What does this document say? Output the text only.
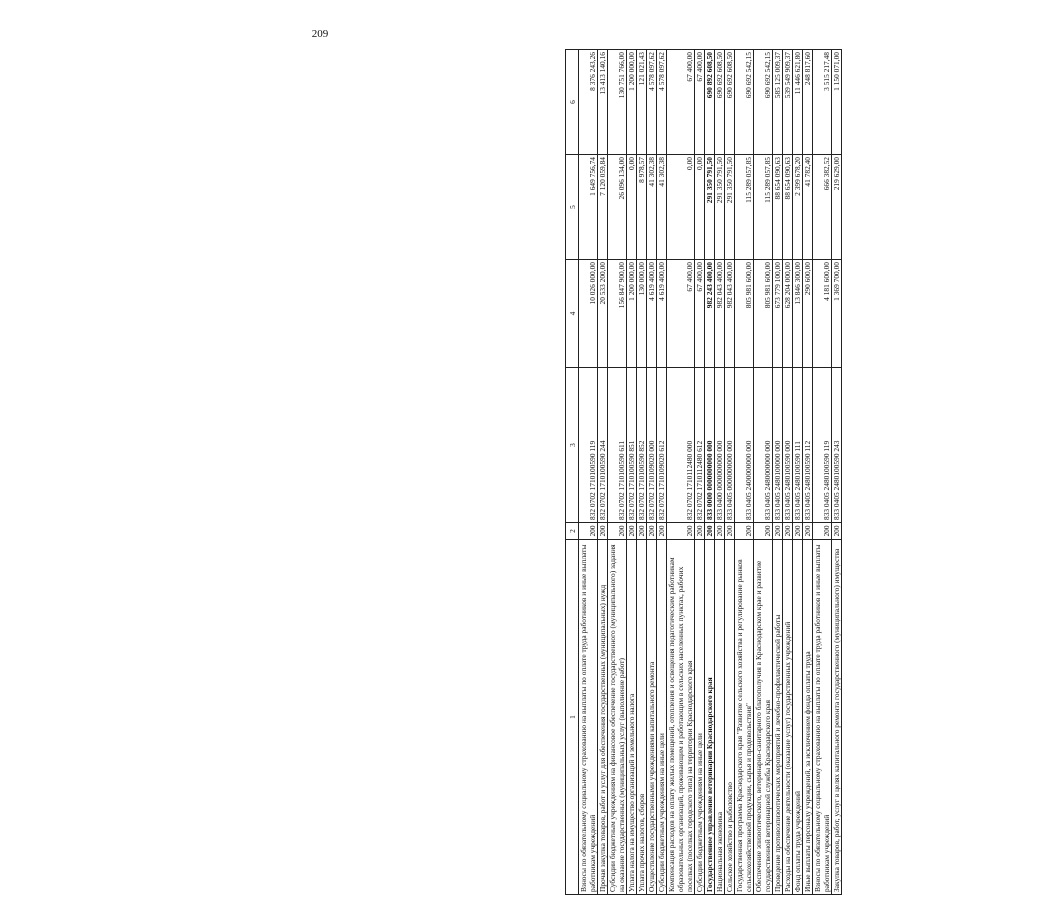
209
1	2	3	4	5	6
Взносы по обязательному социальному страхованию на выплаты по оплате труда работников и иные выплаты работникам учреждений	200	832 0702 1710100590 119	10 026 000,00	1 649 756,74	8 376 243,26
Прочая закупка товаров, работ и услуг для обеспечения государственных (муниципальных) нужд	200	832 0702 1710100590 244	20 533 200,00	7 120 059,84	13 413 140,16
Субсидии бюджетным учреждениям на финансовое обеспечение государственного (муниципального) задания на оказание государственных (муниципальных) услуг (выполнение работ)	200	832 0702 1710100590 611	156 847 900,00	26 096 134,00	130 751 766,00
Уплата налога на имущество организаций и земельного налога	200	832 0702 1710100590 851	1 200 000,00	0,00	1 200 000,00
Уплата прочих налогов, сборов	200	832 0702 1710100590 852	130 000,00	8 978,57	121 021,43
Осуществление государственными учреждениями капитального ремонта	200	832 0702 1710109020 000	4 619 400,00	41 302,38	4 578 097,62
Субсидии бюджетным учреждениям на иные цели	200	832 0702 1710109020 612	4 619 400,00	41 302,38	4 578 097,62
Компенсация расходов на оплату жилых помещений, отопления и освещения педагогическим работникам образовательных организаций, проживающим и работающим в сельских населенных пунктах, рабочих поселках (поселках городского типа) на территории Краснодарского края	200	832 0702 1710112480 000	67 400,00	0,00	67 400,00
Субсидии бюджетным учреждениям на иные цели	200	832 0702 1710112480 612	67 400,00	0,00	67 400,00
Государственное управление ветеринарии Краснодарского края	200	833 0000 0000000000 000	982 243 400,00	291 350 791,50	690 892 608,50
Национальная экономика	200	833 0400 0000000000 000	982 043 400,00	291 350 791,50	690 692 608,50
Сельское хозяйство и рыболовство	200	833 0405 0000000000 000	982 043 400,00	291 350 791,50	690 692 608,50
Государственная программа Краснодарского края "Развитие сельского хозяйства и регулирование рынков сельскохозяйственной продукции, сырья и продовольствия"	200	833 0405 2400000000 000	805 981 600,00	115 289 057,85	690 692 542,15
Обеспечение эпизоотического, ветеринарно-санитарного благополучия в Краснодарском крае и развитие государственной ветеринарной службы Краснодарского края	200	833 0405 2480000000 000	805 981 600,00	115 289 057,85	690 692 542,15
Проведение противоэпизоотических мероприятий и лечебно-профилактической работы	200	833 0405 2480100000 000	673 779 100,00	88 654 090,63	585 125 009,37
Расходы на обеспечение деятельности (оказание услуг) государственных учреждений	200	833 0405 2480100590 000	628 204 000,00	88 654 090,63	539 549 909,37
Фонд оплаты труда учреждений	200	833 0405 2480100590 111	13 846 300,00	2 399 678,20	11 446 621,80
Иные выплаты персоналу учреждений, за исключением фонда оплаты труда	200	833 0405 2480100590 112	290 600,00	41 782,40	248 817,60
Взносы по обязательному социальному страхованию на выплаты по оплате труда работников и иные выплаты работникам учреждений	200	833 0405 2480100590 119	4 181 600,00	666 382,52	3 515 217,48
Закупка товаров, работ, услуг в целях капитального ремонта государственного (муниципального) имущества	200	833 0405 2480100590 243	1 369 700,00	219 629,00	1 150 071,00
